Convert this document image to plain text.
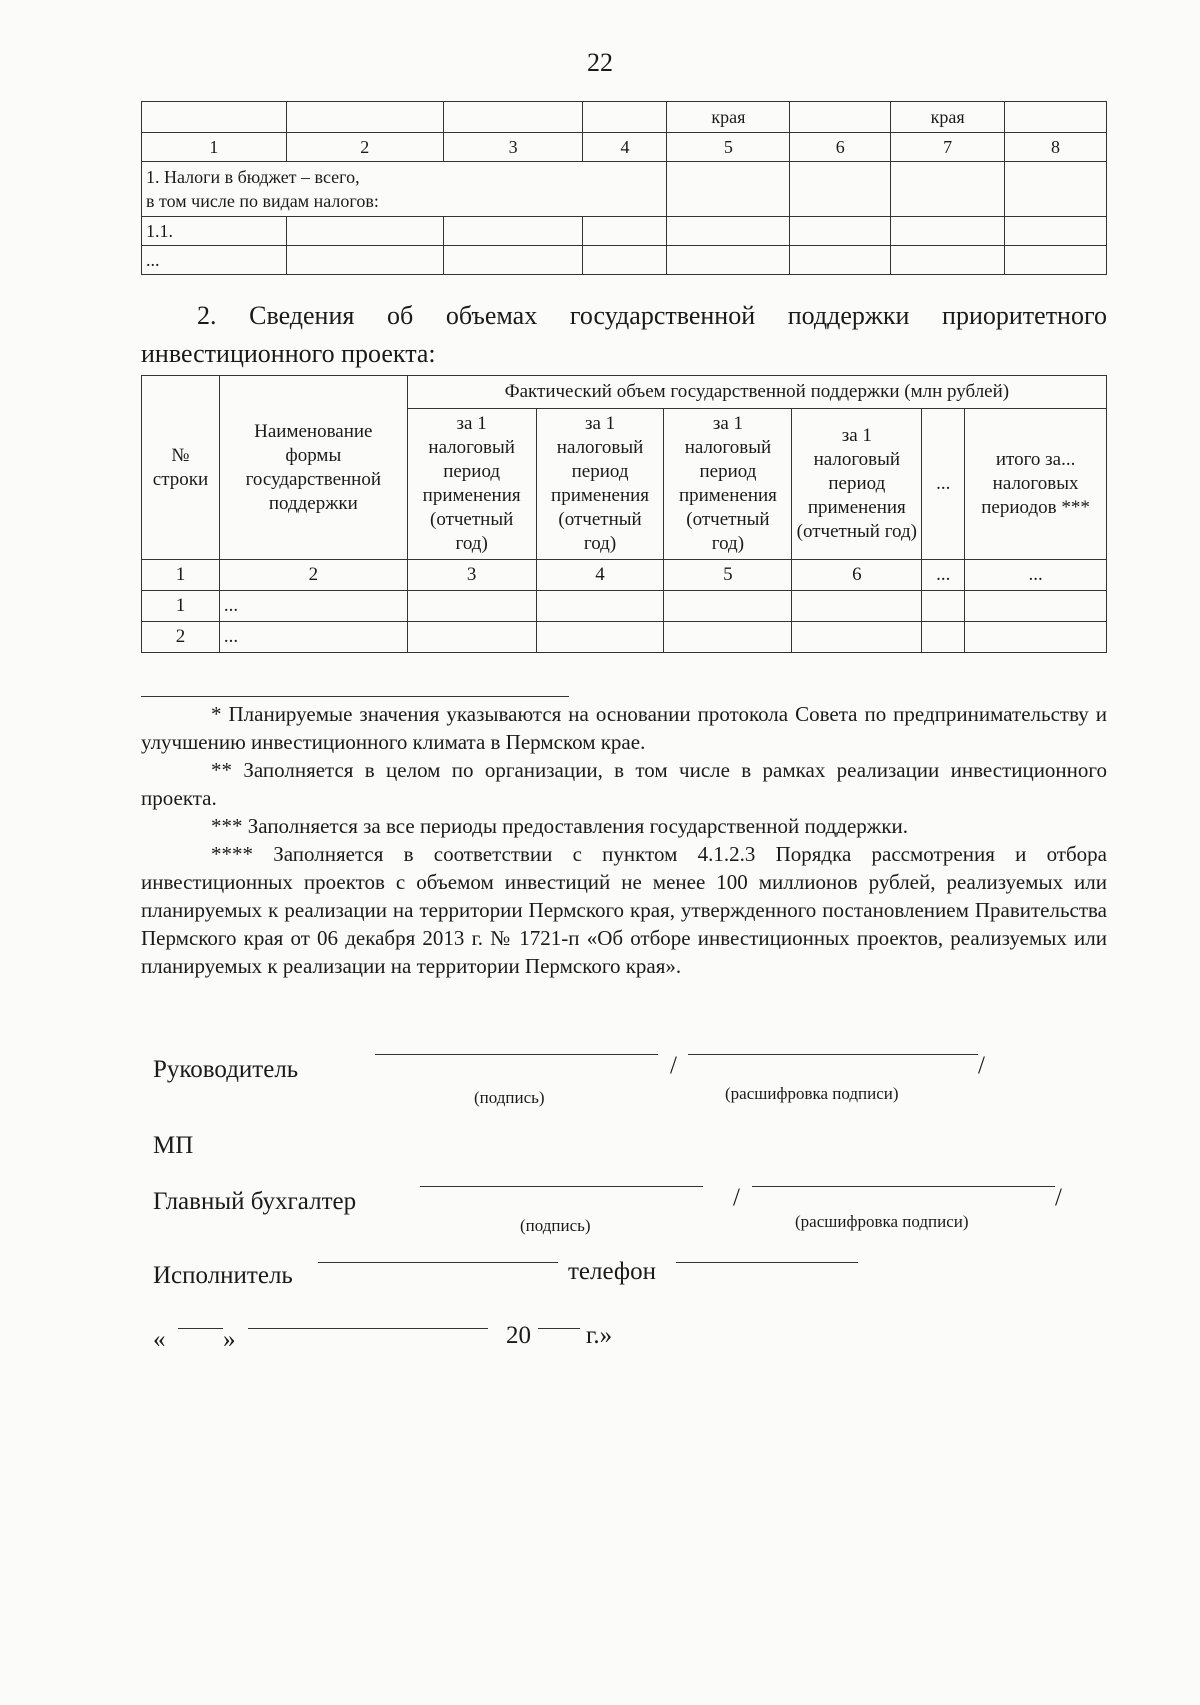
22
				края		края	
1	2	3	4	5	6	7	8
1. Налоги в бюджет – всего,
в том числе по видам налогов:							
1.1.							
...							
2. Сведения об объемах государственной поддержки приоритетного инвестиционного проекта:
№ строки	Наименование формы государственной поддержки	Фактический объем государственной поддержки (млн рублей)					
		за 1 налоговый период применения (отчетный год)	за 1 налоговый период применения (отчетный год)	за 1 налоговый период применения (отчетный год)	за 1 налоговый период применения (отчетный год)	...	итого за... налоговых периодов ***
1	2	3	4	5	6	...	...
1	...						
2	...						

* Планируемые значения указываются на основании протокола Совета по предпринимательству и улучшению инвестиционного климата в Пермском крае.

** Заполняется в целом по организации, в том числе в рамках реализации инвестиционного проекта.

*** Заполняется за все периоды предоставления государственной поддержки.

**** Заполняется в соответствии с пунктом 4.1.2.3 Порядка рассмотрения и отбора инвестиционных проектов с объемом инвестиций не менее 100 миллионов рублей, реализуемых или планируемых к реализации на территории Пермского края, утвержденного постановлением Правительства Пермского края от 06 декабря 2013 г. № 1721-п «Об отборе инвестиционных проектов, реализуемых или планируемых к реализации на территории Пермского края».

Руководитель	/	/
(подпись)	(расшифровка подписи)
МП
Главный бухгалтер	/	/
(подпись)	(расшифровка подписи)
Исполнитель	телефон
« »	20 г.»
